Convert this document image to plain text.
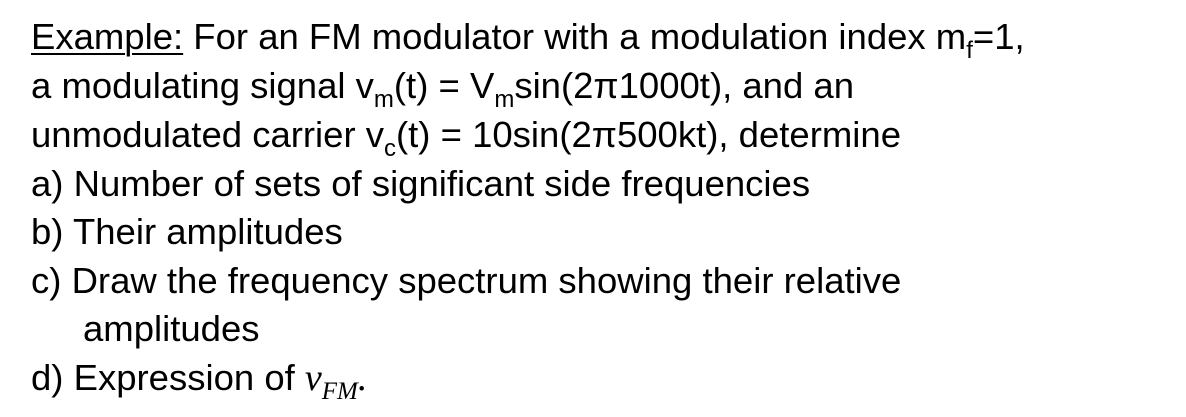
Example: For an FM modulator with a modulation index $m_f=1$,
a modulating signal $v_m(t) = V_m\sin(2\pi 1000t)$, and an
unmodulated carrier $v_c(t) = 10\sin(2\pi 500kt)$, determine
a) Number of sets of significant side frequencies
b) Their amplitudes
c) Draw the frequency spectrum showing their relative
amplitudes
d) Expression of $v_{FM}$.
